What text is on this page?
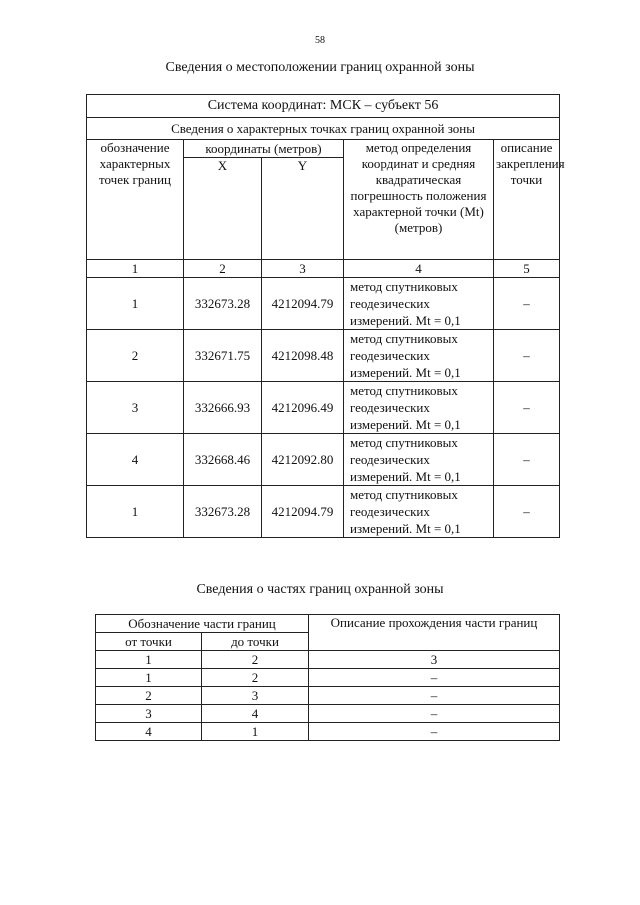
58
Сведения о местоположении границ охранной зоны
Система координат: МСК – субъект 56				
Сведения о характерных точках границ охранной зоны				
обозначение характерных точек границ	координаты (метров)		метод определения координат и средняя квадратическая погрешность положения характерной точки (Mt) (метров)	описание закрепления точки
	X	Y		
1	2	3	4	5
1	332673.28	4212094.79	метод спутниковых геодезических измерений. Mt = 0,1	–
2	332671.75	4212098.48	метод спутниковых геодезических измерений. Mt = 0,1	–
3	332666.93	4212096.49	метод спутниковых геодезических измерений. Mt = 0,1	–
4	332668.46	4212092.80	метод спутниковых геодезических измерений. Mt = 0,1	–
1	332673.28	4212094.79	метод спутниковых геодезических измерений. Mt = 0,1	–
Сведения о частях границ охранной зоны
Обозначение части границ		Описание прохождения части границ
от точки	до точки	
1	2	3
1	2	–
2	3	–
3	4	–
4	1	–
